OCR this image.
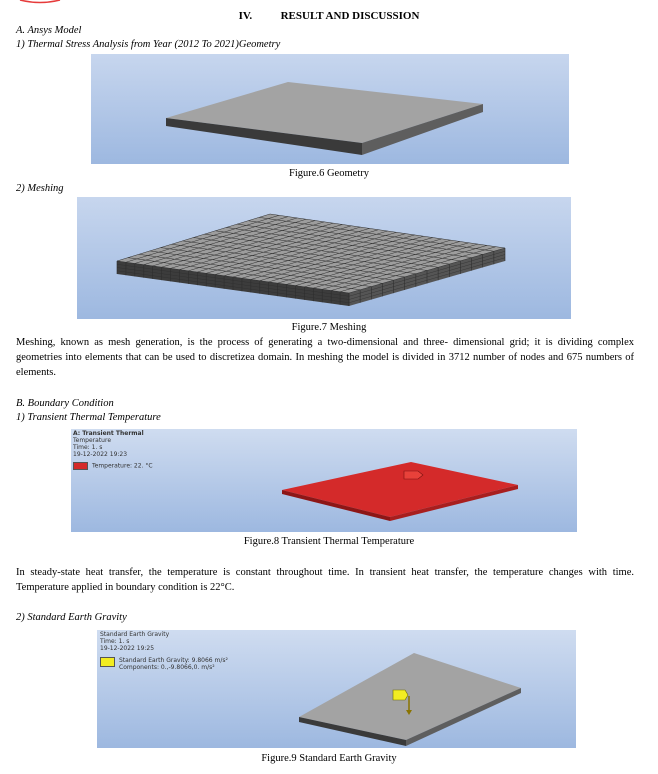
IV.	RESULT AND DISCUSSION
A. Ansys Model
1) Thermal Stress Analysis from Year (2012 To 2021)Geometry
Figure.6 Geometry
2) Meshing
Figure.7 Meshing
Meshing, known as mesh generation, is the process of generating a two-dimensional and three- dimensional grid; it is dividing complex geometries into elements that can be used to discretizea domain. In meshing the model is divided in 3712 number of nodes and 675 numbers of elements.
B. Boundary Condition
1) Transient Thermal Temperature
A: Transient Thermal
Temperature
Time: 1. s
19-12-2022 19:23
Temperature: 22. °C
Figure.8 Transient Thermal Temperature
In steady-state heat transfer, the temperature is constant throughout time. In transient heat transfer, the temperature changes with time. Temperature applied in boundary condition is 22°C.
2) Standard Earth Gravity
Standard Earth Gravity
Time: 1. s
19-12-2022 19:25
Standard Earth Gravity: 9.8066 m/s²
Components: 0.,-9.8066,0. m/s²
Figure.9 Standard Earth Gravity
